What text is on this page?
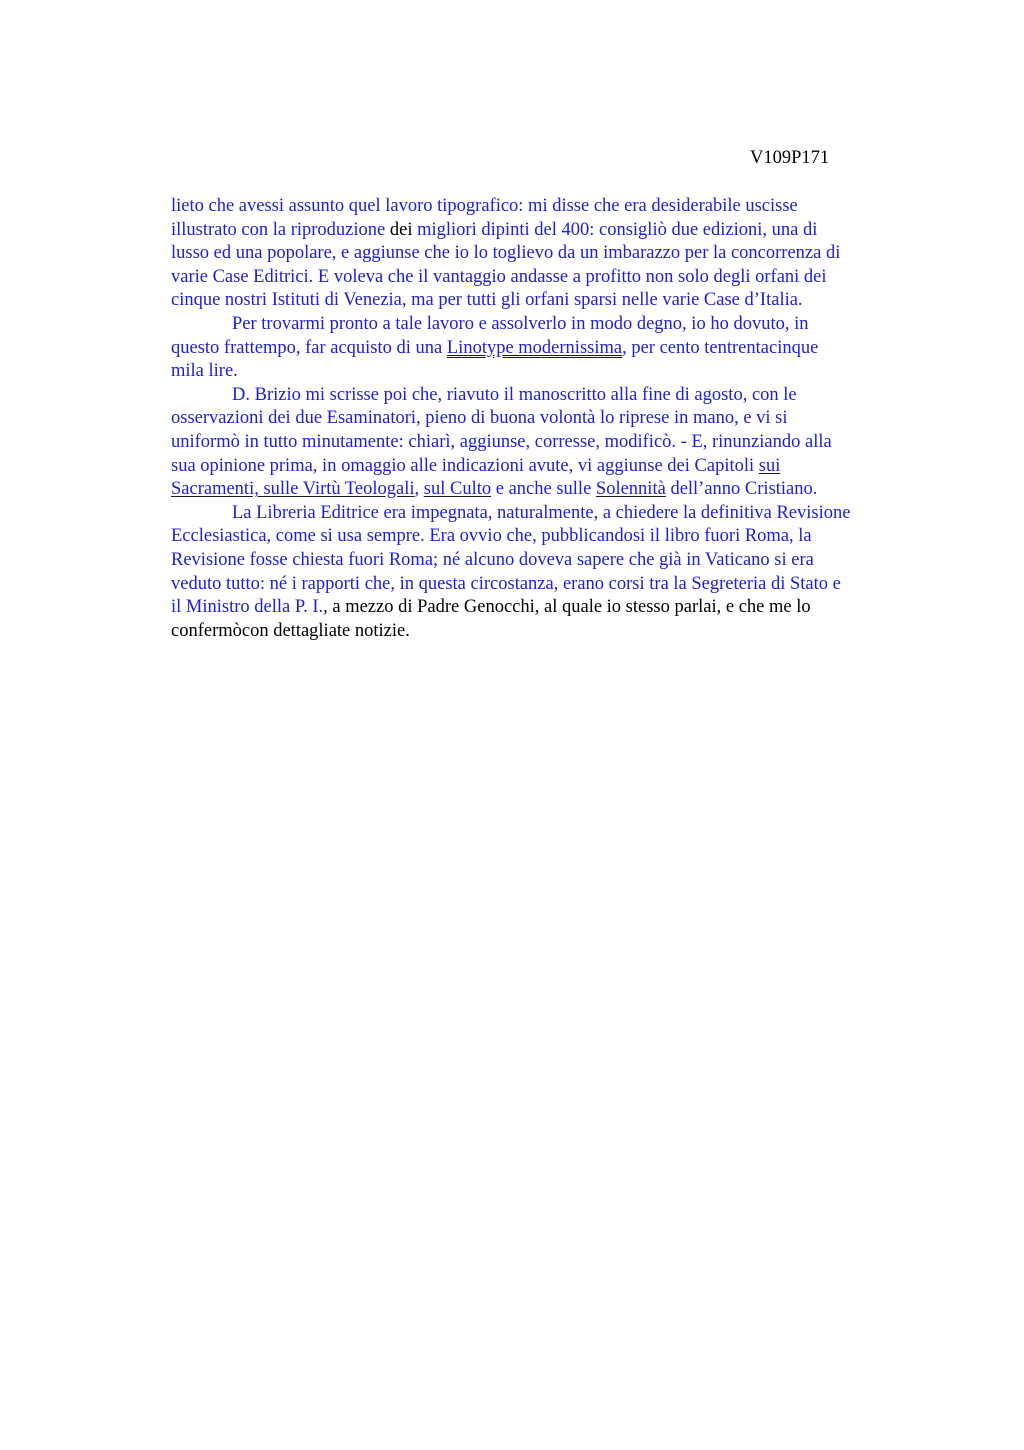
V109P171

lieto che avessi assunto quel lavoro tipografico: mi disse che era desiderabile uscisse

illustrato con la riproduzione dei migliori dipinti del 400: consigliò due edizioni, una di

lusso ed una popolare, e aggiunse che io lo toglievo da un imbarazzo per la concorrenza di

varie Case Editrici. E voleva che il vantaggio andasse a profitto non solo degli orfani dei

cinque nostri Istituti di Venezia, ma per tutti gli orfani sparsi nelle varie Case d’Italia.

Per trovarmi pronto a tale lavoro e assolverlo in modo degno, io ho dovuto, in

questo frattempo, far acquisto di una Linotype modernissima, per cento tentrentacinque

mila lire.

D. Brizio mi scrisse poi che, riavuto il manoscritto alla fine di agosto, con le

osservazioni dei due Esaminatori, pieno di buona volontà lo riprese in mano, e vi si

uniformò in tutto minutamente: chiarì, aggiunse, corresse, modificò. - E, rinunziando alla

sua opinione prima, in omaggio alle indicazioni avute, vi aggiunse dei Capitoli sui

Sacramenti, sulle Virtù Teologali, sul Culto e anche sulle Solennità dell’anno Cristiano.

La Libreria Editrice era impegnata, naturalmente, a chiedere la definitiva Revisione

Ecclesiastica, come si usa sempre. Era ovvio che, pubblicandosi il libro fuori Roma, la

Revisione fosse chiesta fuori Roma; né alcuno doveva sapere che già in Vaticano si era

veduto tutto: né i rapporti che, in questa circostanza, erano corsi tra la Segreteria di Stato e

il Ministro della P. I., a mezzo di Padre Genocchi, al quale io stesso parlai, e che me lo

confermòcon dettagliate notizie.
